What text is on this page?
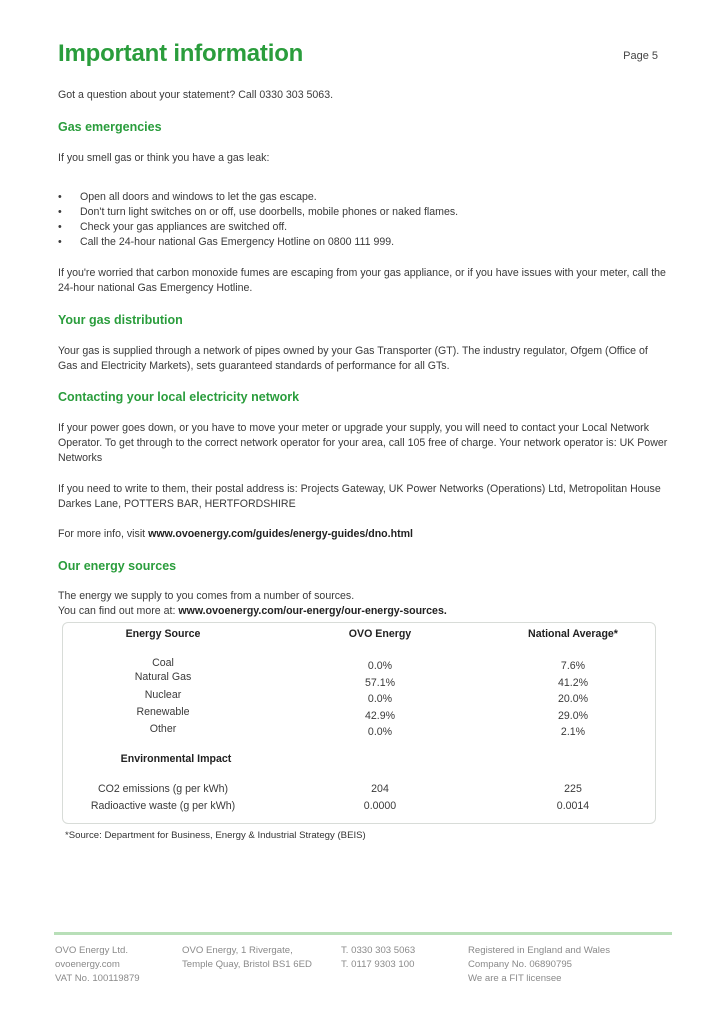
Important information	Page 5

Got a question about your statement? Call 0330 303 5063.

Gas emergencies

If you smell gas or think you have a gas leak:

• Open all doors and windows to let the gas escape.
• Don't turn light switches on or off, use doorbells, mobile phones or naked flames.
• Check your gas appliances are switched off.
• Call the 24-hour national Gas Emergency Hotline on 0800 111 999.

If you're worried that carbon monoxide fumes are escaping from your gas appliance, or if you have issues with your meter, call the 24-hour national Gas Emergency Hotline.

Your gas distribution

Your gas is supplied through a network of pipes owned by your Gas Transporter (GT). The industry regulator, Ofgem (Office of Gas and Electricity Markets), sets guaranteed standards of performance for all GTs.

Contacting your local electricity network

If your power goes down, or you have to move your meter or upgrade your supply, you will need to contact your Local Network Operator. To get through to the correct network operator for your area, call 105 free of charge. Your network operator is: UK Power Networks

If you need to write to them, their postal address is: Projects Gateway, UK Power Networks (Operations) Ltd, Metropolitan House Darkes Lane, POTTERS BAR, HERTFORDSHIRE

For more info, visit www.ovoenergy.com/guides/energy-guides/dno.html

Our energy sources

The energy we supply to you comes from a number of sources.

You can find out more at: www.ovoenergy.com/our-energy/our-energy-sources.

Energy Source	OVO Energy	National Average*
Coal	0.0%	7.6%
Natural Gas	57.1%	41.2%
Nuclear	0.0%	20.0%
Renewable	42.9%	29.0%
Other	0.0%	2.1%
Environmental Impact
CO2 emissions (g per kWh)	204	225
Radioactive waste (g per kWh)	0.0000	0.0014
*Source: Department for Business, Energy & Industrial Strategy (BEIS)
OVO Energy Ltd.
ovoenergy.com
VAT No. 100119879
OVO Energy, 1 Rivergate,
Temple Quay, Bristol BS1 6ED
T. 0330 303 5063
T. 0117 9303 100
Registered in England and Wales
Company No. 06890795
We are a FIT licensee
